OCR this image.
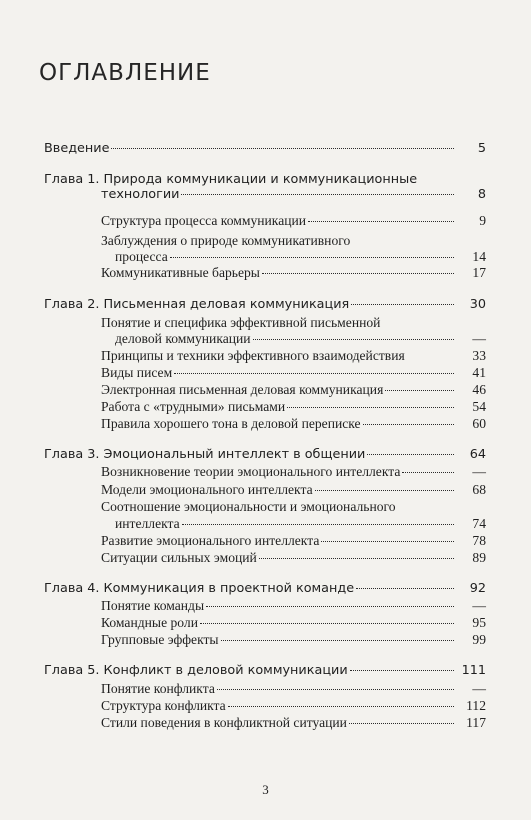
ОГЛАВЛЕНИЕ
Введение	5
Глава 1. Природа коммуникации и коммуникационные
технологии	8
Структура процесса коммуникации	9
Заблуждения о природе коммуникативного
процесса	14
Коммуникативные барьеры	17
Глава 2. Письменная деловая коммуникация	30
Понятие и специфика эффективной письменной
деловой коммуникации	—
Принципы и техники эффективного взаимодействия	33
Виды писем	41
Электронная письменная деловая коммуникация	46
Работа с «трудными» письмами	54
Правила хорошего тона в деловой переписке	60
Глава 3. Эмоциональный интеллект в общении	64
Возникновение теории эмоционального интеллекта	—
Модели эмоционального интеллекта	68
Соотношение эмоциональности и эмоционального
интеллекта	74
Развитие эмоционального интеллекта	78
Ситуации сильных эмоций	89
Глава 4. Коммуникация в проектной команде	92
Понятие команды	—
Командные роли	95
Групповые эффекты	99
Глава 5. Конфликт в деловой коммуникации	111
Понятие конфликта	—
Структура конфликта	112
Стили поведения в конфликтной ситуации	117
3
